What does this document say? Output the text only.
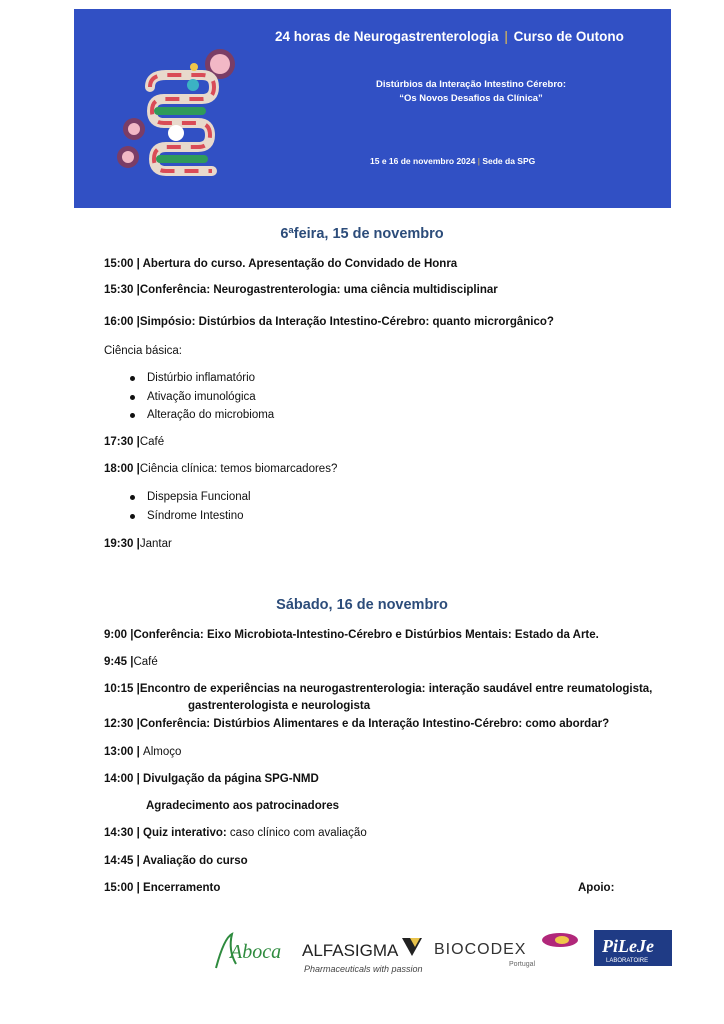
24 horas de Neurogastrenterologia | Curso de Outono
Distúrbios da Interação Intestino Cérebro:
“Os Novos Desafios da Clínica”
15 e 16 de novembro 2024 | Sede da SPG
6ªfeira, 15 de novembro
15:00 | Abertura do curso. Apresentação do Convidado de Honra
15:30 |Conferência: Neurogastrenterologia: uma ciência multidisciplinar
16:00 |Simpósio: Distúrbios da Interação Intestino-Cérebro: quanto microrgânico?
Ciência básica:
Distúrbio inflamatório
Ativação imunológica
Alteração do microbioma
17:30 |Café
18:00 |Ciência clínica: temos biomarcadores?
Dispepsia Funcional
Síndrome Intestino
19:30 |Jantar
Sábado, 16 de novembro
9:00 |Conferência: Eixo Microbiota-Intestino-Cérebro e Distúrbios Mentais: Estado da Arte.
9:45 |Café
10:15 |Encontro de experiências na neurogastrenterologia: interação saudável entre reumatologista,
gastrenterologista e neurologista
12:30 |Conferência: Distúrbios Alimentares e da Interação Intestino-Cérebro: como abordar?
13:00 | Almoço
14:00 | Divulgação da página SPG-NMD
Agradecimento aos patrocinadores
14:30 | Quiz interativo: caso clínico com avaliação
14:45 | Avaliação do curso
15:00 | Encerramento	Apoio:
Aboca ALFASIGMA
Pharmaceuticals with passion
BIOCODEX
Portugal
PiLeJe
LABORATOIRE
